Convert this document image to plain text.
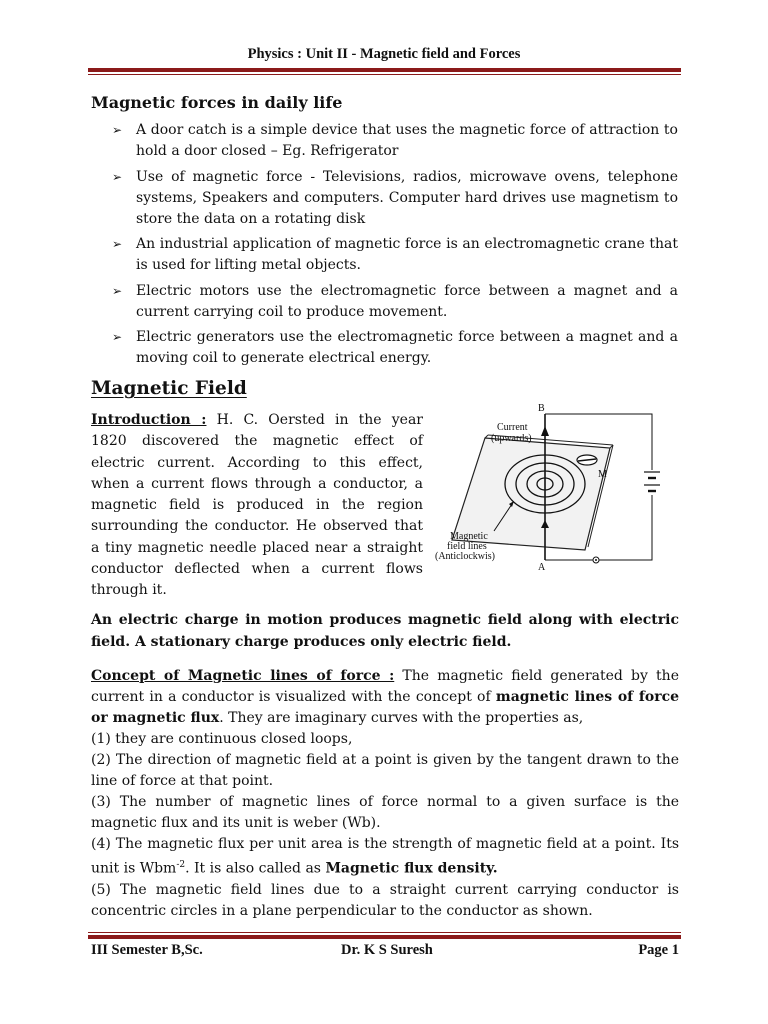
Physics : Unit II - Magnetic field and Forces
Magnetic forces in daily life
➢ A door catch is a simple device that uses the magnetic force of attraction to hold a door closed – Eg. Refrigerator
➢ Use of magnetic force - Televisions, radios, microwave ovens, telephone systems, Speakers and computers. Computer hard drives use magnetism to store the data on a rotating disk
➢ An industrial application of magnetic force is an electromagnetic crane that is used for lifting metal objects.
➢ Electric motors use the electromagnetic force between a magnet and a current carrying coil to produce movement.
➢ Electric generators use the electromagnetic force between a magnet and a moving coil to generate electrical energy.
Magnetic Field

Introduction : H. C. Oersted in the year 1820 discovered the magnetic effect of electric current. According to this effect, when a current flows through a conductor, a magnetic field is produced in the region surrounding the conductor. He observed that a tiny magnetic needle placed near a straight conductor deflected when a current flows through it.

B
Current
(upwards)
M
Magnetic
field lines
(Anticlockwis)
A

An electric charge in motion produces magnetic field along with electric field. A stationary charge produces only electric field.

Concept of Magnetic lines of force : The magnetic field generated by the current in a conductor is visualized with the concept of magnetic lines of force or magnetic flux. They are imaginary curves with the properties as,

(1) they are continuous closed loops,

(2) The direction of magnetic field at a point is given by the tangent drawn to the line of force at that point.

(3) The number of magnetic lines of force normal to a given surface is the magnetic flux and its unit is weber (Wb).

(4) The magnetic flux per unit area is the strength of magnetic field at a point. Its unit is Wbm$^{-2}$. It is also called as Magnetic flux density.

(5) The magnetic field lines due to a straight current carrying conductor is concentric circles in a plane perpendicular to the conductor as shown.

III Semester B,Sc.	Dr. K S Suresh	Page 1
